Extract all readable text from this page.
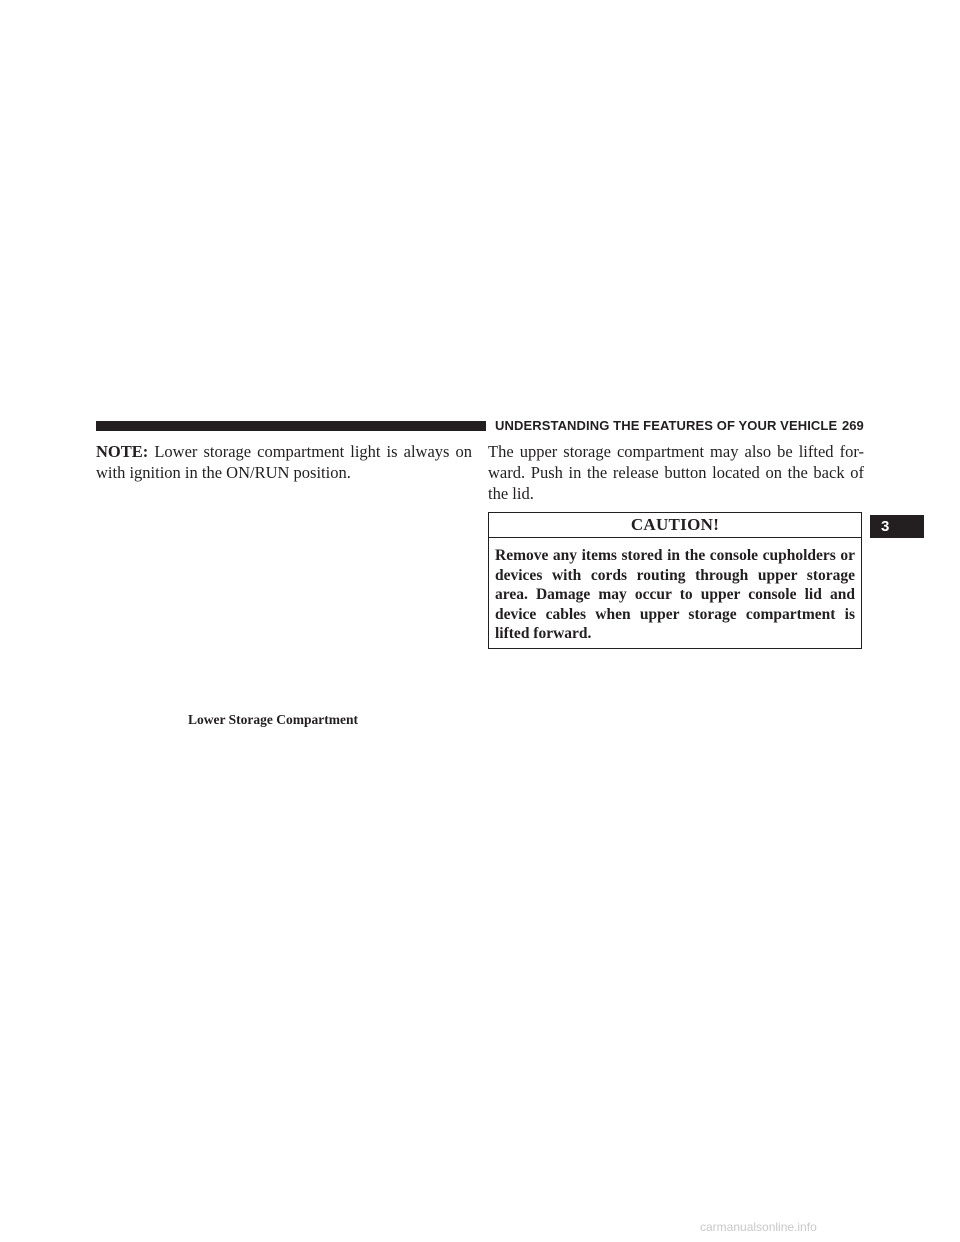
UNDERSTANDING THE FEATURES OF YOUR VEHICLE 269

NOTE: Lower storage compartment light is always on with ignition in the ON/RUN position.

Lower Storage Compartment

The upper storage compartment may also be lifted for-ward. Push in the release button located on the back of the lid.

CAUTION!

Remove any items stored in the console cupholders or devices with cords routing through upper storage area. Damage may occur to upper console lid and device cables when upper storage compartment is lifted forward.

3
carmanualsonline.info
